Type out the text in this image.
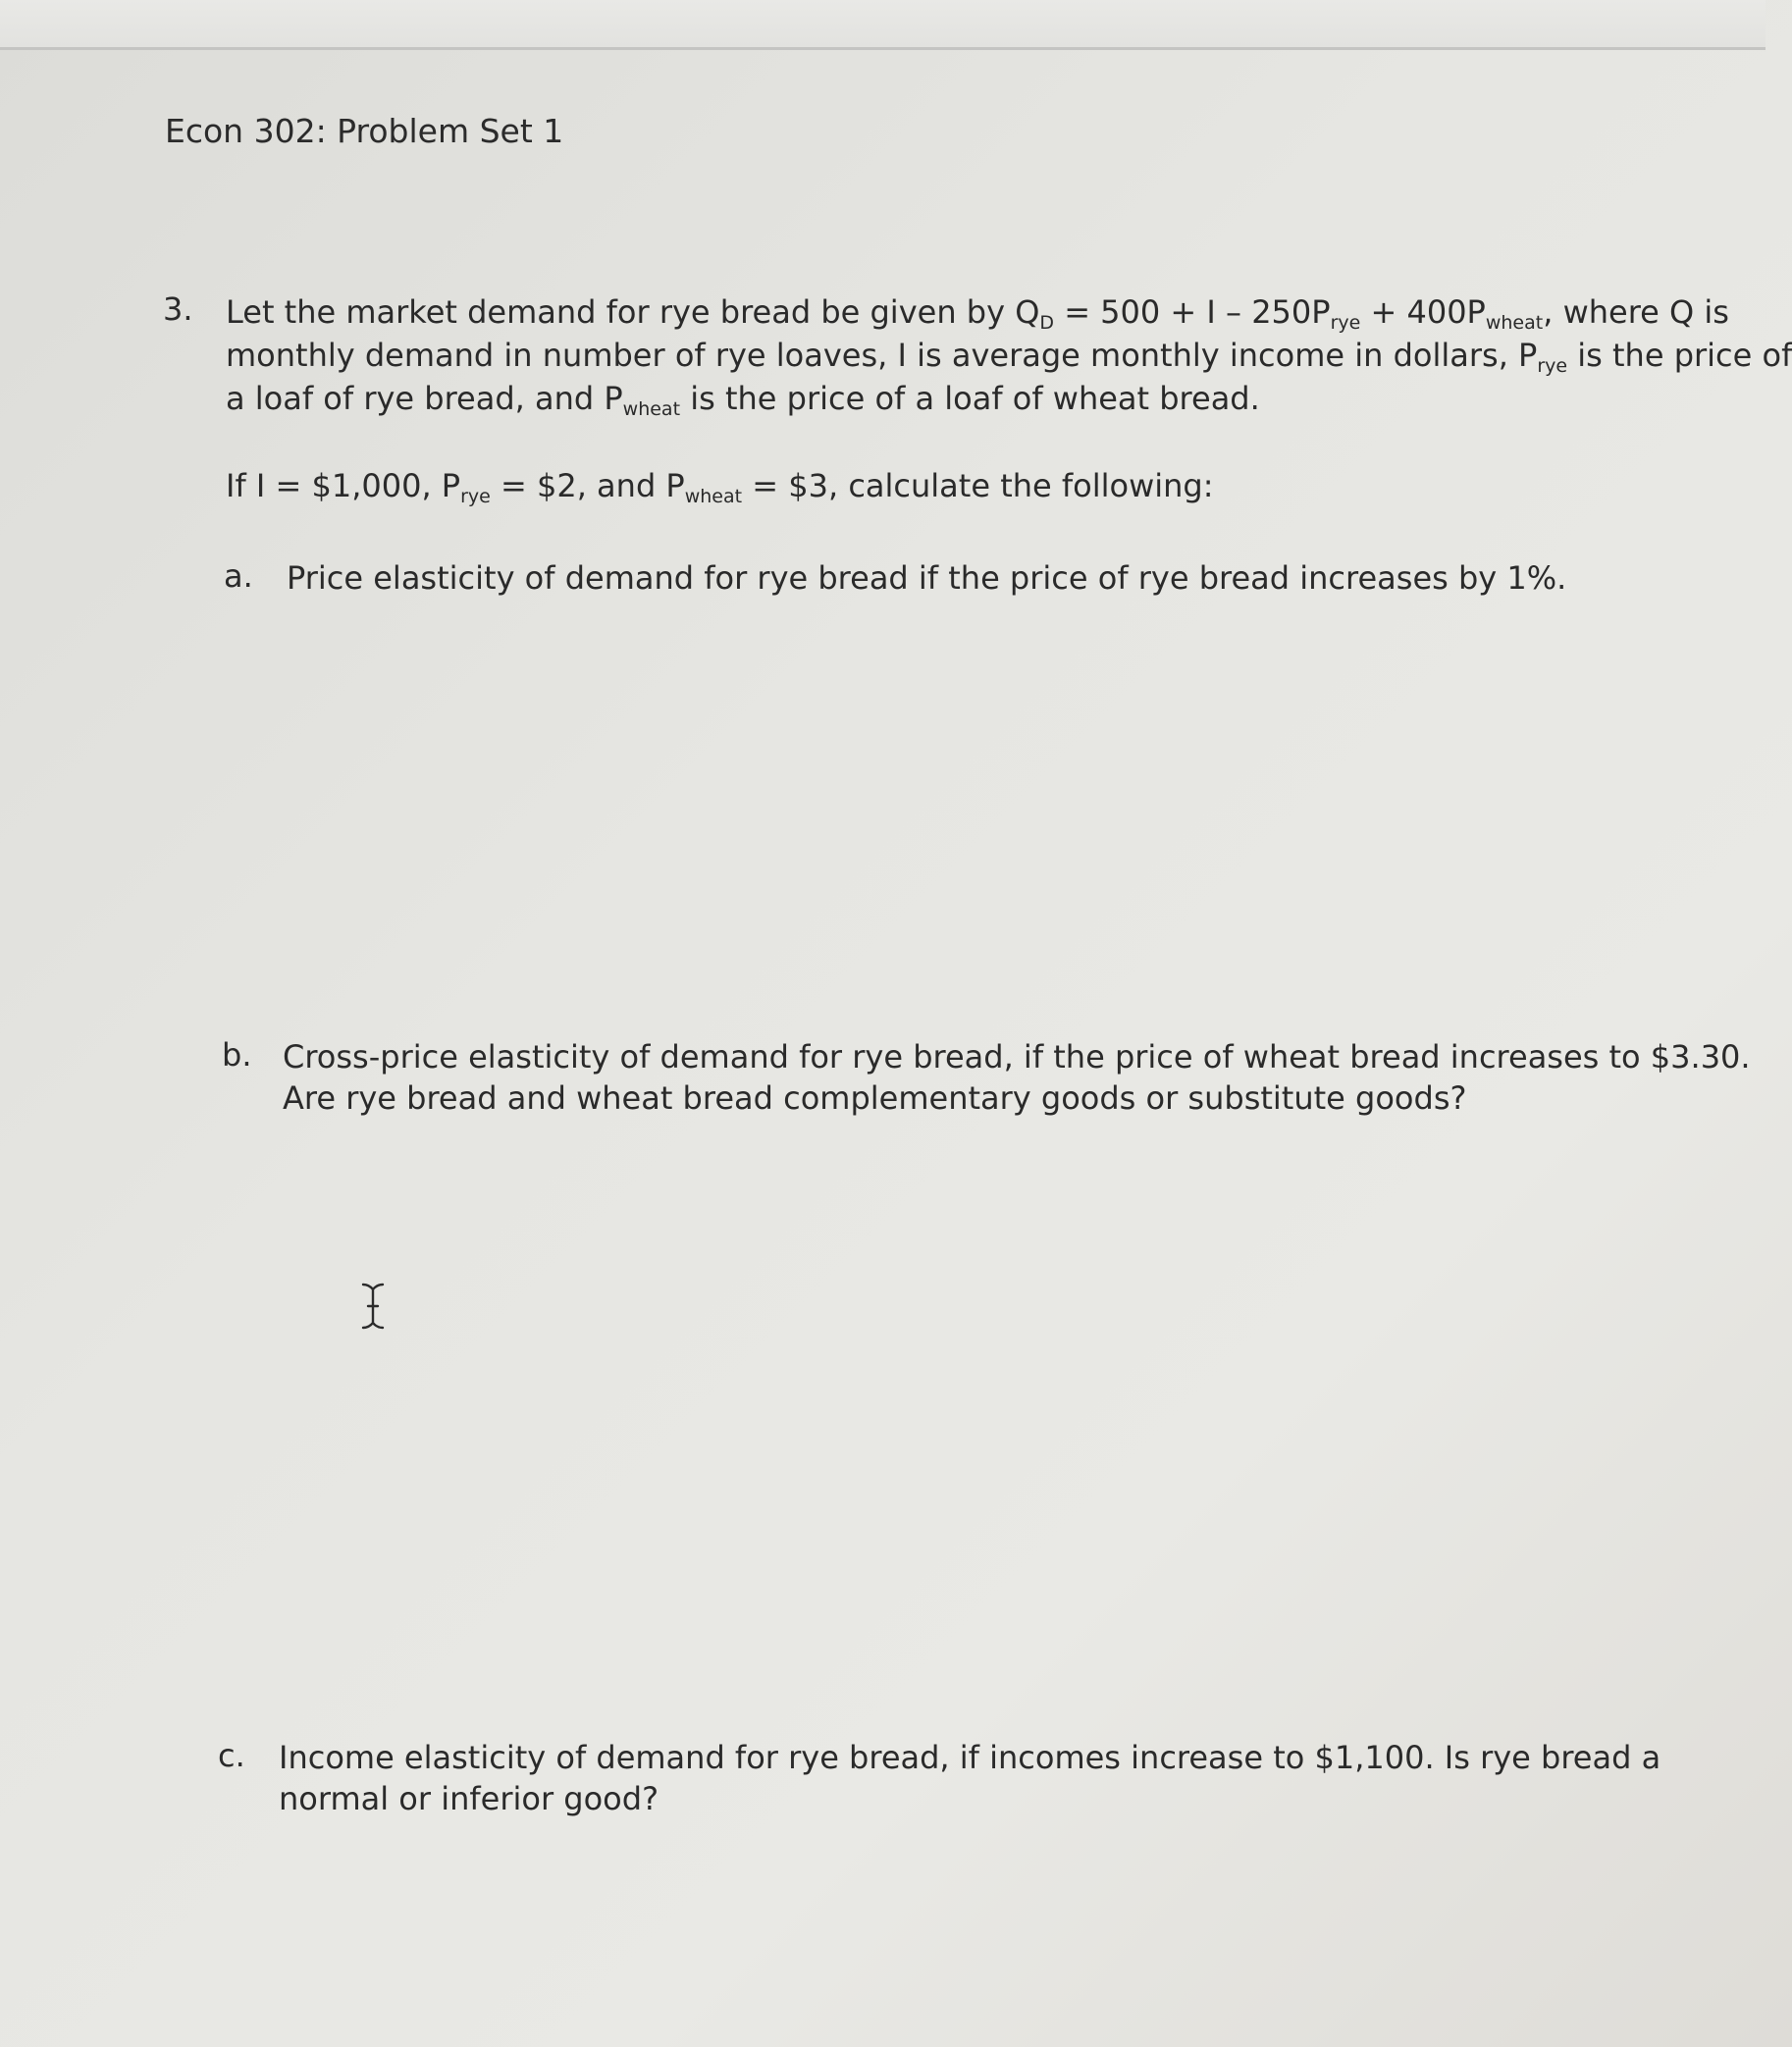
Econ 302: Problem Set 1
3. Let the market demand for rye bread be given by $Q_D = 500 + I - 250P_{rye} + 400P_{wheat}$, where Q is
monthly demand in number of rye loaves, I is average monthly income in dollars, $P_{rye}$ is the price of
a loaf of rye bread, and $P_{wheat}$ is the price of a loaf of wheat bread.
If I = $1,000, $P_{rye}$ = $2, and $P_{wheat}$ = $3, calculate the following:
a. Price elasticity of demand for rye bread if the price of rye bread increases by 1%.
b. Cross-price elasticity of demand for rye bread, if the price of wheat bread increases to $3.30.
Are rye bread and wheat bread complementary goods or substitute goods?
c. Income elasticity of demand for rye bread, if incomes increase to $1,100. Is rye bread a
normal or inferior good?
